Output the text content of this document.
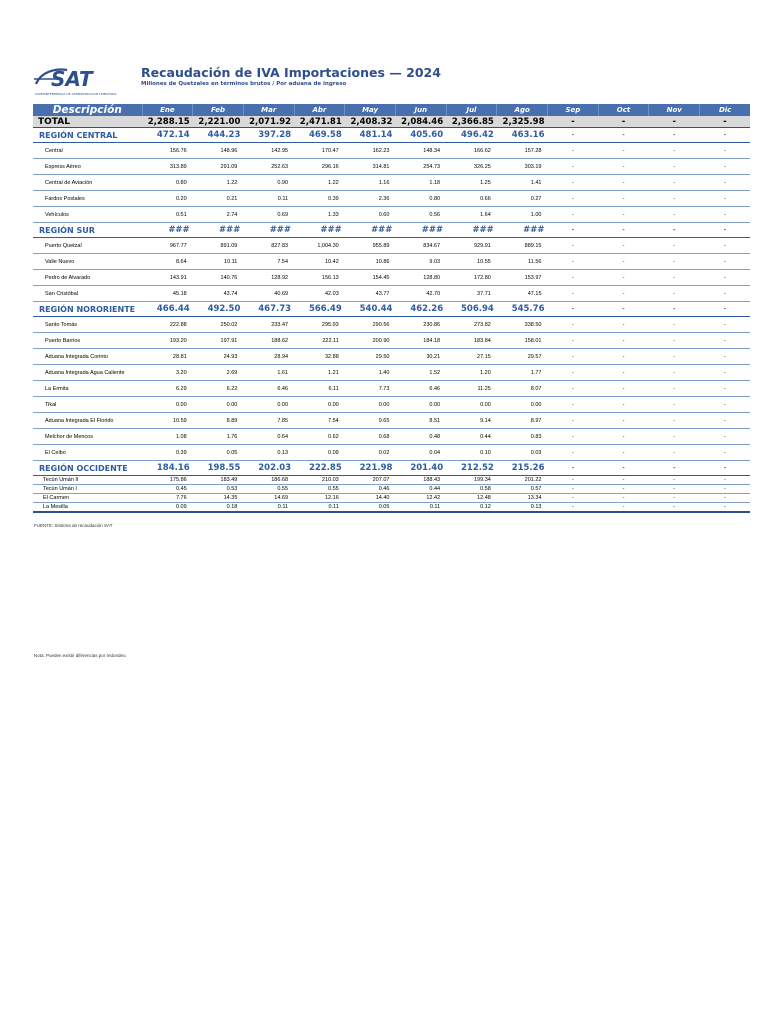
SAT
SUPERINTENDENCIA DE ADMINISTRACIÓN TRIBUTARIA
Recaudación de IVA Importaciones — 2024
Millones de Quetzales en términos brutos / Por aduana de ingreso
Descripción	Ene	Feb	Mar	Abr	May	Jun	Jul	Ago	Sep	Oct	Nov	Dic
TOTAL	2,288.15	2,221.00	2,071.92	2,471.81	2,408.32	2,084.46	2,366.85	2,325.98	-	-	-	-
REGIÓN CENTRAL	472.14	444.23	397.28	469.58	481.14	405.60	496.42	463.16	-	-	-	-
Central	156.76	148.96	142.95	170.47	162.23	148.34	166.62	157.28	-	-	-	-
Express Aéreo	313.89	291.09	252.63	296.16	314.81	254.73	326.25	303.19	-	-	-	-
Central de Aviación	0.80	1.22	0.90	1.22	1.16	1.18	1.25	1.41	-	-	-	-
Fardos Postales	0.20	0.21	0.11	0.39	2.36	0.80	0.66	0.27	-	-	-	-
Vehículos	0.51	2.74	0.69	1.33	0.60	0.56	1.64	1.00	-	-	-	-
REGIÓN SUR	###	###	###	###	###	###	###	###	-	-	-	-
Puerto Quetzal	967.77	891.09	827.83	1,004.30	955.89	834.67	929.91	889.15	-	-	-	-
Valle Nuevo	8.64	10.11	7.54	10.42	10.86	9.03	10.55	11.56	-	-	-	-
Pedro de Alvarado	143.91	140.76	128.92	156.13	154.45	128.80	172.80	153.97	-	-	-	-
San Cristóbal	45.18	43.74	40.69	42.03	43.77	42.70	37.71	47.15	-	-	-	-
REGIÓN NORORIENTE	466.44	492.50	467.73	566.49	540.44	462.26	506.94	545.76	-	-	-	-
Santo Tomás	222.88	250.02	233.47	295.93	290.56	230.86	273.82	338.50	-	-	-	-
Puerto Barrios	193.20	197.91	188.62	222.11	200.90	184.18	183.84	158.01	-	-	-	-
Aduana Integrada Corinto	28.81	24.93	28.94	32.88	29.50	30.21	27.15	29.57	-	-	-	-
Aduana Integrada Agua Caliente	3.20	2.69	1.61	1.21	1.40	1.52	1.20	1.77	-	-	-	-
La Ermita	6.29	6.22	6.46	6.11	7.73	6.46	11.25	8.07	-	-	-	-
Tikal	0.00	0.00	0.00	0.00	0.00	0.00	0.00	0.00	-	-	-	-
Aduana Integrada El Florido	10.59	8.89	7.85	7.54	9.65	8.51	9.14	8.97	-	-	-	-
Melchor de Mencos	1.08	1.76	0.64	0.62	0.68	0.48	0.44	0.83	-	-	-	-
El Ceibo	0.39	0.05	0.13	0.09	0.02	0.04	0.10	0.03	-	-	-	-
REGIÓN OCCIDENTE	184.16	198.55	202.03	222.85	221.98	201.40	212.52	215.26	-	-	-	-
Tecún Umán II	175.86	183.49	186.68	210.03	207.07	188.43	199.34	201.22	-	-	-	-
Tecún Umán I	0.45	0.53	0.55	0.55	0.46	0.44	0.58	0.57	-	-	-	-
El Carmen	7.76	14.35	14.69	12.16	14.40	12.42	12.48	13.34	-	-	-	-
La Mesilla	0.09	0.18	0.11	0.11	0.05	0.11	0.12	0.13	-	-	-	-
FUENTE: Sistema de recaudación SAT
Nota: Pueden existir diferencias por redondeo.
